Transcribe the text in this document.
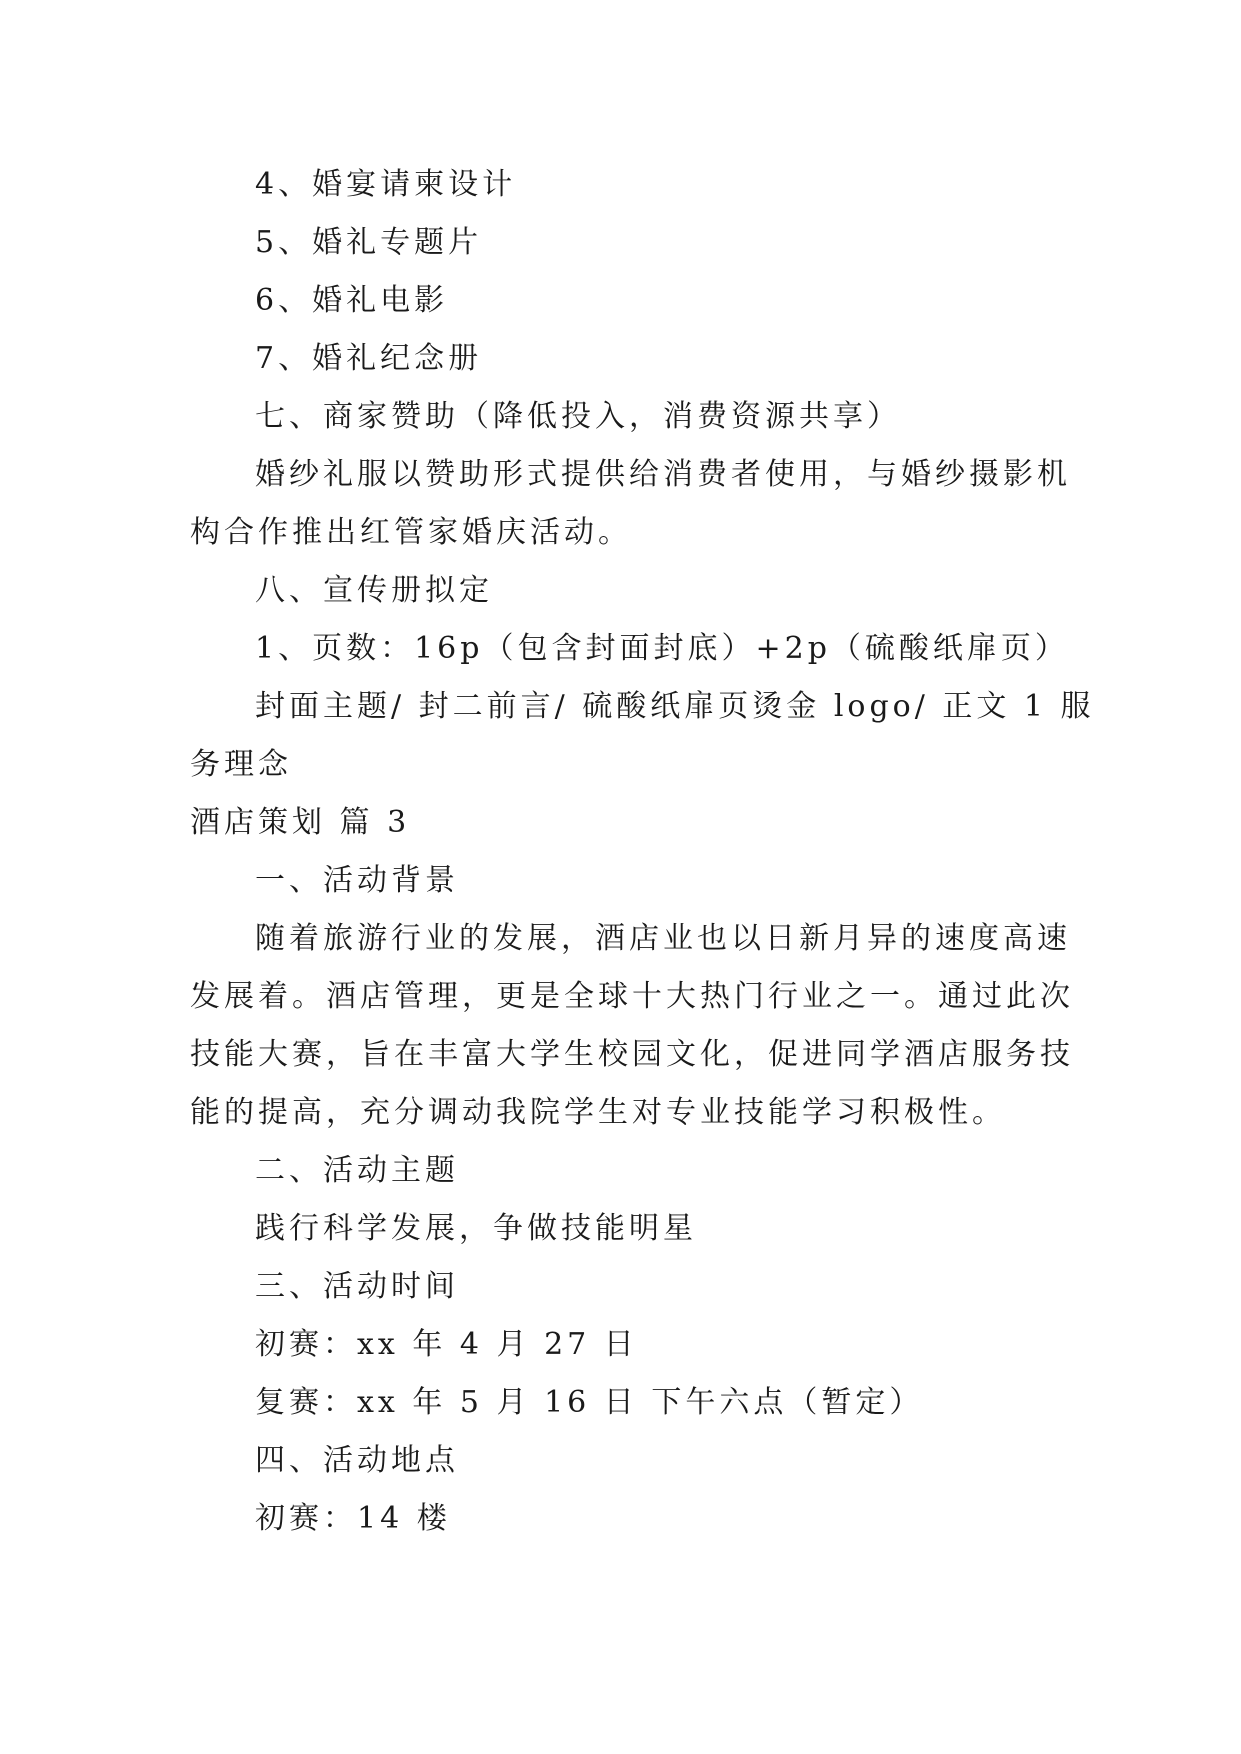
4、婚宴请柬设计
5、婚礼专题片
6、婚礼电影
7、婚礼纪念册
七、商家赞助（降低投入，消费资源共享）
婚纱礼服以赞助形式提供给消费者使用，与婚纱摄影机
构合作推出红管家婚庆活动。
八、宣传册拟定
1、页数：16p（包含封面封底）+2p（硫酸纸扉页）
封面主题/ 封二前言/ 硫酸纸扉页烫金 logo/ 正文 1 服
务理念
酒店策划 篇 3
一、活动背景
随着旅游行业的发展，酒店业也以日新月异的速度高速
发展着。酒店管理，更是全球十大热门行业之一。通过此次
技能大赛，旨在丰富大学生校园文化，促进同学酒店服务技
能的提高，充分调动我院学生对专业技能学习积极性。
二、活动主题
践行科学发展，争做技能明星
三、活动时间
初赛：xx 年 4 月 27 日
复赛：xx 年 5 月 16 日 下午六点（暂定）
四、活动地点
初赛：14 楼
